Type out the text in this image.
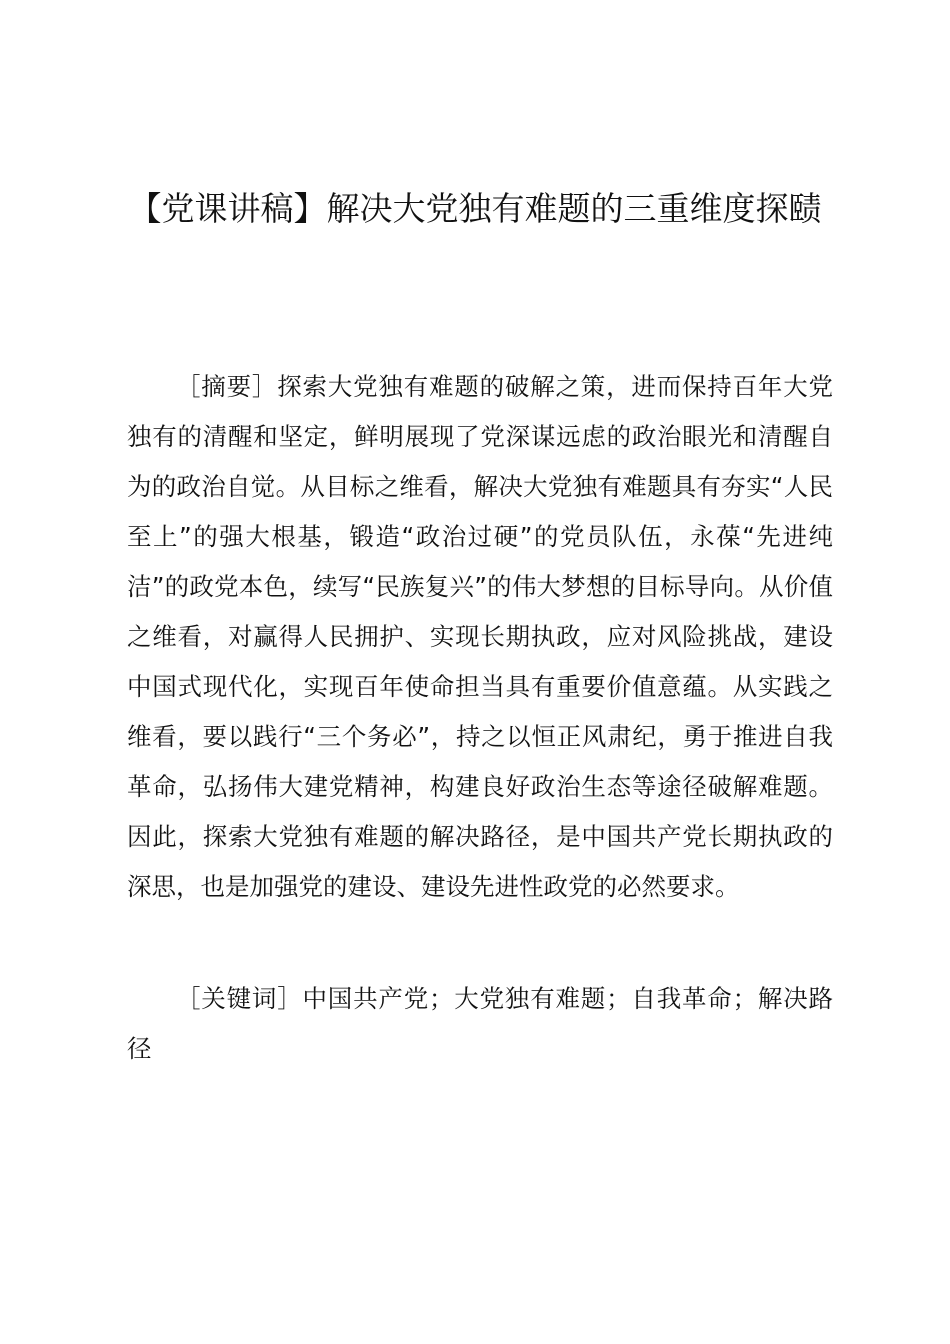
【党课讲稿】解决大党独有难题的三重维度探赜

［摘要］探索大党独有难题的破解之策，进而保持百年大党独有的清醒和坚定，鲜明展现了党深谋远虑的政治眼光和清醒自为的政治自觉。从目标之维看，解决大党独有难题具有夯实“人民至上”的强大根基，锻造“政治过硬”的党员队伍，永葆“先进纯洁”的政党本色，续写“民族复兴”的伟大梦想的目标导向。从价值之维看，对赢得人民拥护、实现长期执政，应对风险挑战，建设中国式现代化，实现百年使命担当具有重要价值意蕴。从实践之维看，要以践行“三个务必”，持之以恒正风肃纪，勇于推进自我革命，弘扬伟大建党精神，构建良好政治生态等途径破解难题。因此，探索大党独有难题的解决路径，是中国共产党长期执政的深思，也是加强党的建设、建设先进性政党的必然要求。

［关键词］中国共产党；大党独有难题；自我革命；解决路径
